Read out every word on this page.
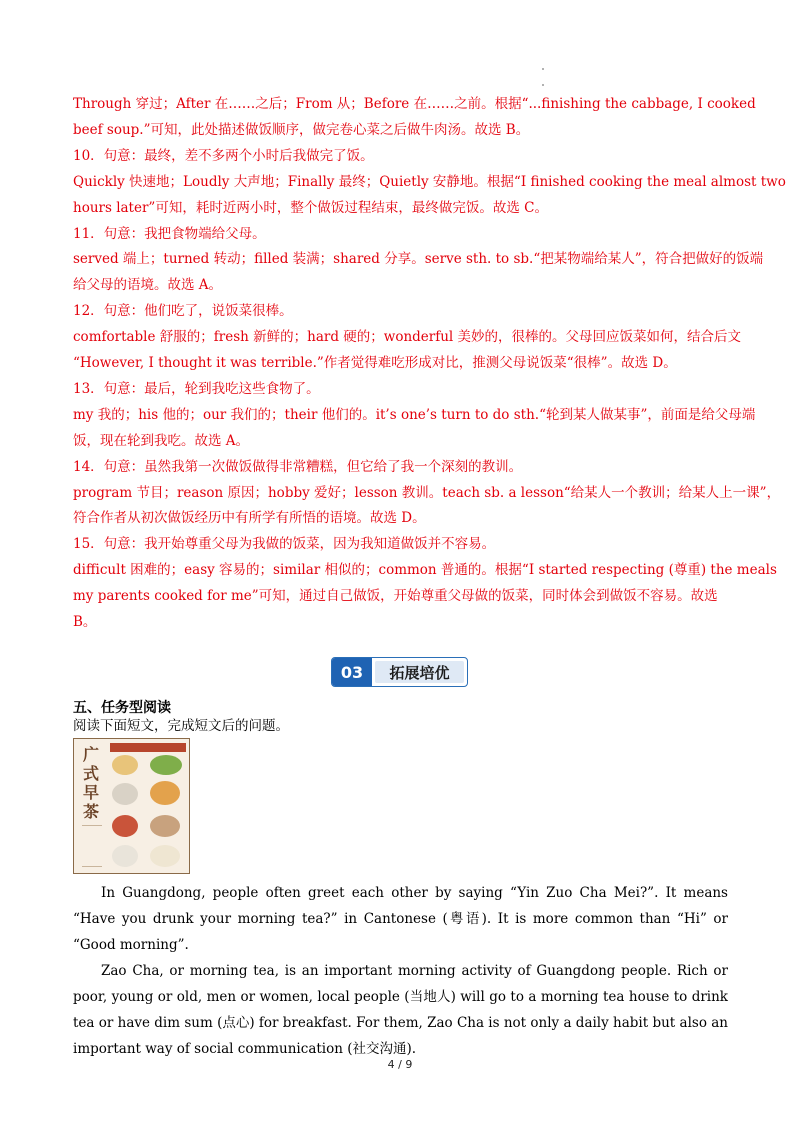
Through 穿过；After 在……之后；From 从；Before 在……之前。根据“...finishing the cabbage, I cooked
beef soup.”可知，此处描述做饭顺序，做完卷心菜之后做牛肉汤。故选 B。
10．句意：最终，差不多两个小时后我做完了饭。
Quickly 快速地；Loudly 大声地；Finally 最终；Quietly 安静地。根据“I finished cooking the meal almost two
hours later”可知，耗时近两小时，整个做饭过程结束，最终做完饭。故选 C。
11．句意：我把食物端给父母。
served 端上；turned 转动；filled 装满；shared 分享。serve sth. to sb.“把某物端给某人”，符合把做好的饭端
给父母的语境。故选 A。
12．句意：他们吃了，说饭菜很棒。
comfortable 舒服的；fresh 新鲜的；hard 硬的；wonderful 美妙的，很棒的。父母回应饭菜如何，结合后文
“However, I thought it was terrible.”作者觉得难吃形成对比，推测父母说饭菜“很棒”。故选 D。
13．句意：最后，轮到我吃这些食物了。
my 我的；his 他的；our 我们的；their 他们的。it’s one’s turn to do sth.“轮到某人做某事”，前面是给父母端
饭，现在轮到我吃。故选 A。
14．句意：虽然我第一次做饭做得非常糟糕，但它给了我一个深刻的教训。
program 节目；reason 原因；hobby 爱好；lesson 教训。teach sb. a lesson“给某人一个教训；给某人上一课”，
符合作者从初次做饭经历中有所学有所悟的语境。故选 D。
15．句意：我开始尊重父母为我做的饭菜，因为我知道做饭并不容易。
difficult 困难的；easy 容易的；similar 相似的；common 普通的。根据“I started respecting (尊重) the meals
my parents cooked for me”可知，通过自己做饭，开始尊重父母做的饭菜，同时体会到做饭不容易。故选
B。
03	拓展培优
五、任务型阅读
阅读下面短文，完成短文后的问题。
广式早茶

In Guangdong, people often greet each other by saying “Yin Zuo Cha Mei?”. It means “Have you drunk your morning tea?” in Cantonese (粤语). It is more common than “Hi” or “Good morning”.

Zao Cha, or morning tea, is an important morning activity of Guangdong people. Rich or poor, young or old, men or women, local people (当地人) will go to a morning tea house to drink tea or have dim sum (点心) for breakfast. For them, Zao Cha is not only a daily habit but also an important way of social communication (社交沟通).

4 / 9
